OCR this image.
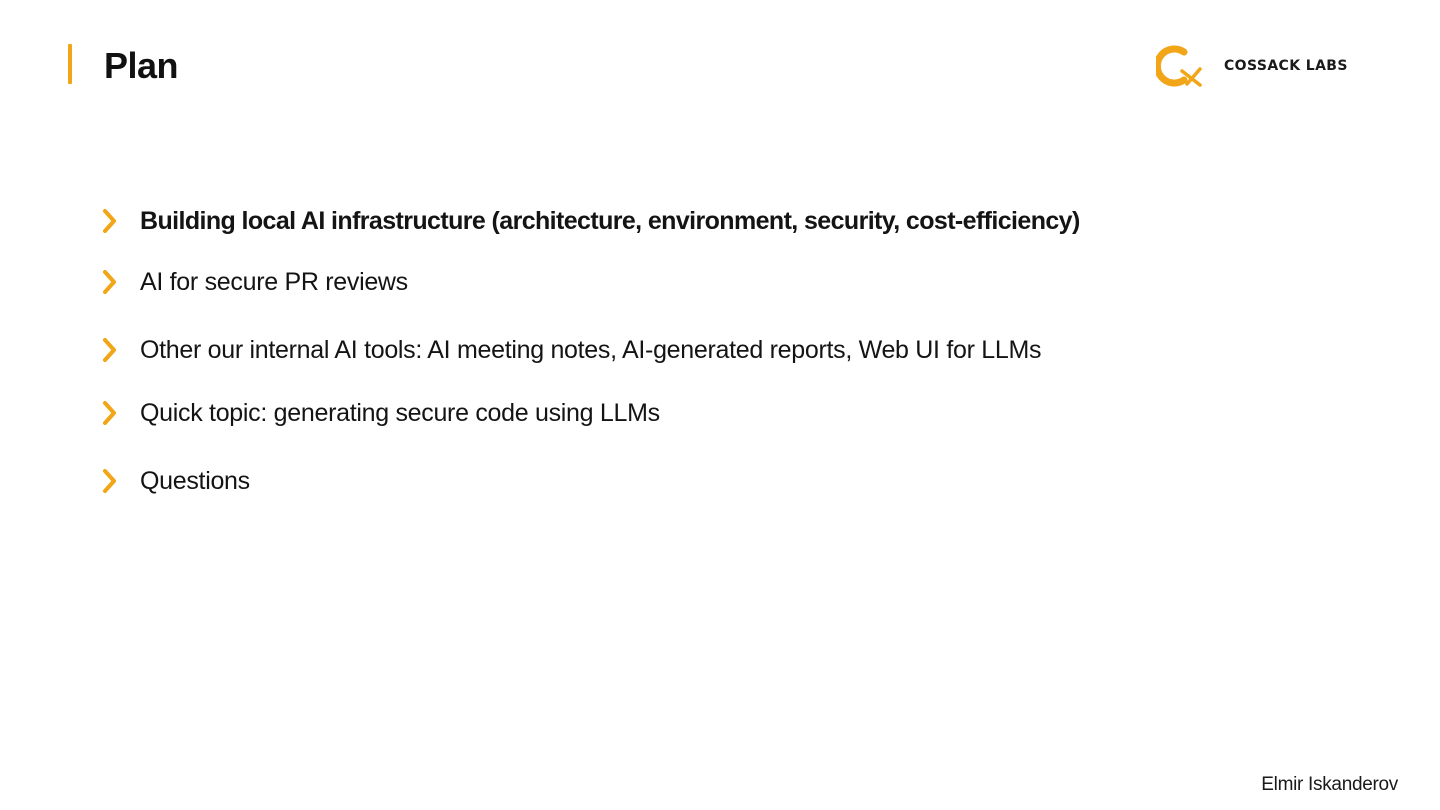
Plan	COSSACK LABS
Building local AI infrastructure (architecture, environment, security, cost-efficiency)
AI for secure PR reviews
Other our internal AI tools: AI meeting notes, AI-generated reports, Web UI for LLMs
Quick topic: generating secure code using LLMs
Questions
Elmir Iskanderov
